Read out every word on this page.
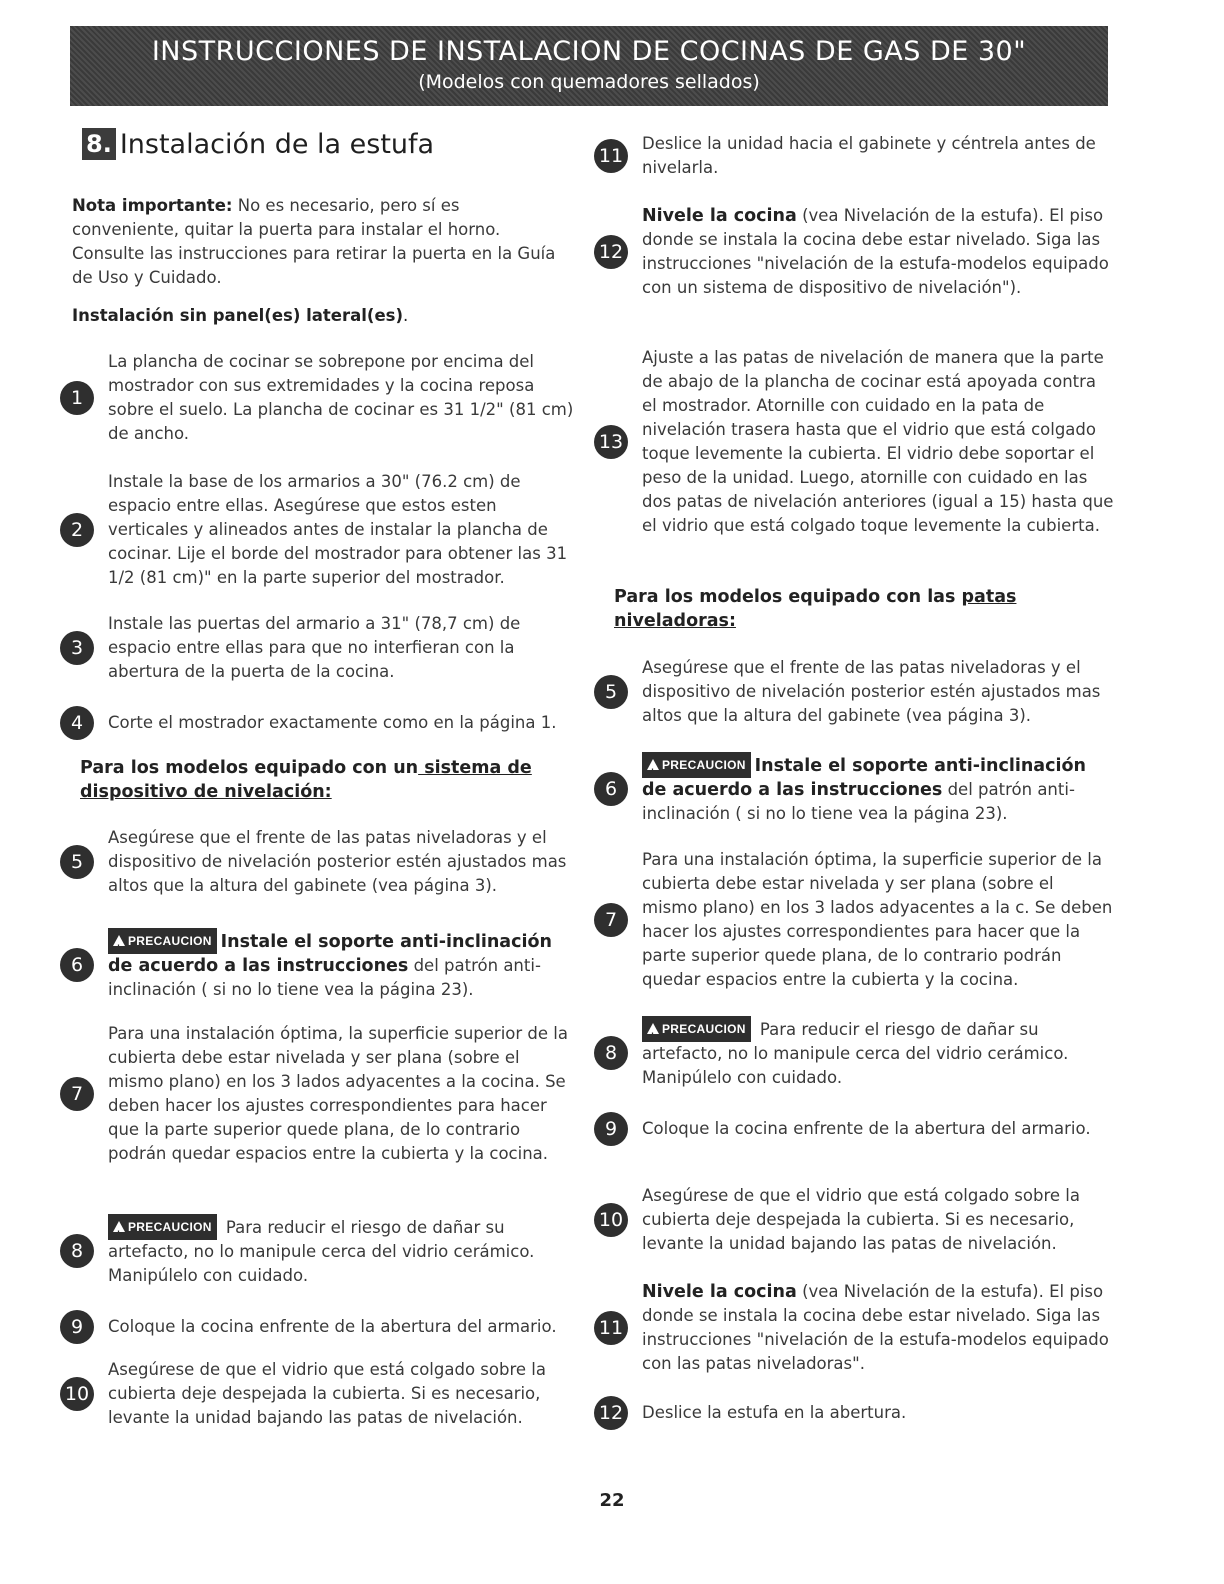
INSTRUCCIONES DE INSTALACION DE COCINAS DE GAS DE 30"
(Modelos con quemadores sellados)
8. Instalación de la estufa

Nota importante: No es necesario, pero sí es conveniente, quitar la puerta para instalar el horno. Consulte las instrucciones para retirar la puerta en la Guía de Uso y Cuidado.

Instalación sin panel(es) lateral(es).

1

La plancha de cocinar se sobrepone por encima del mostrador con sus extremidades y la cocina reposa sobre el suelo. La plancha de cocinar es 31 1/2" (81 cm) de ancho.

2

Instale la base de los armarios a 30" (76.2 cm) de espacio entre ellas. Asegúrese que estos esten verticales y alineados antes de instalar la plancha de cocinar. Lije el borde del mostrador para obtener las 31 1/2 (81 cm)" en la parte superior del mostrador.

3

Instale las puertas del armario a 31" (78,7 cm) de espacio entre ellas para que no interfieran con la abertura de la puerta de la cocina.

4	Corte el mostrador exactamente como en la página 1.

Para los modelos equipado con un sistema de dispositivo de nivelación:

5

Asegúrese que el frente de las patas niveladoras y el dispositivo de nivelación posterior estén ajustados mas altos que la altura del gabinete (vea página 3).

6

!PRECAUCION Instale el soporte anti-inclinación de acuerdo a las instrucciones del patrón anti-inclinación ( si no lo tiene vea la página 23).

7

Para una instalación óptima, la superficie superior de la cubierta debe estar nivelada y ser plana (sobre el mismo plano) en los 3 lados adyacentes a la cocina. Se deben hacer los ajustes correspondientes para hacer que la parte superior quede plana, de lo contrario podrán quedar espacios entre la cubierta y la cocina.

8

!PRECAUCION Para reducir el riesgo de dañar su artefacto, no lo manipule cerca del vidrio cerámico. Manipúlelo con cuidado.

9	Coloque la cocina enfrente de la abertura del armario.

10

Asegúrese de que el vidrio que está colgado sobre la cubierta deje despejada la cubierta. Si es necesario, levante la unidad bajando las patas de nivelación.

11

Deslice la unidad hacia el gabinete y céntrela antes de nivelarla.

12

Nivele la cocina (vea Nivelación de la estufa). El piso donde se instala la cocina debe estar nivelado. Siga las instrucciones "nivelación de la estufa-modelos equipado con un sistema de dispositivo de nivelación").

13

Ajuste a las patas de nivelación de manera que la parte de abajo de la plancha de cocinar está apoyada contra el mostrador. Atornille con cuidado en la pata de nivelación trasera hasta que el vidrio que está colgado toque levemente la cubierta. El vidrio debe soportar el peso de la unidad. Luego, atornille con cuidado en las dos patas de nivelación anteriores (igual a 15) hasta que el vidrio que está colgado toque levemente la cubierta.

Para los modelos equipado con las patas niveladoras:

5

Asegúrese que el frente de las patas niveladoras y el dispositivo de nivelación posterior estén ajustados mas altos que la altura del gabinete (vea página 3).

6

!PRECAUCION Instale el soporte anti-inclinación de acuerdo a las instrucciones del patrón anti-inclinación ( si no lo tiene vea la página 23).

7

Para una instalación óptima, la superficie superior de la cubierta debe estar nivelada y ser plana (sobre el mismo plano) en los 3 lados adyacentes a la c. Se deben hacer los ajustes correspondientes para hacer que la parte superior quede plana, de lo contrario podrán quedar espacios entre la cubierta y la cocina.

8

!PRECAUCION Para reducir el riesgo de dañar su artefacto, no lo manipule cerca del vidrio cerámico. Manipúlelo con cuidado.

9	Coloque la cocina enfrente de la abertura del armario.

10

Asegúrese de que el vidrio que está colgado sobre la cubierta deje despejada la cubierta. Si es necesario, levante la unidad bajando las patas de nivelación.

11

Nivele la cocina (vea Nivelación de la estufa). El piso donde se instala la cocina debe estar nivelado. Siga las instrucciones "nivelación de la estufa-modelos equipado con las patas niveladoras".

12 Deslice la estufa en la abertura.

22
